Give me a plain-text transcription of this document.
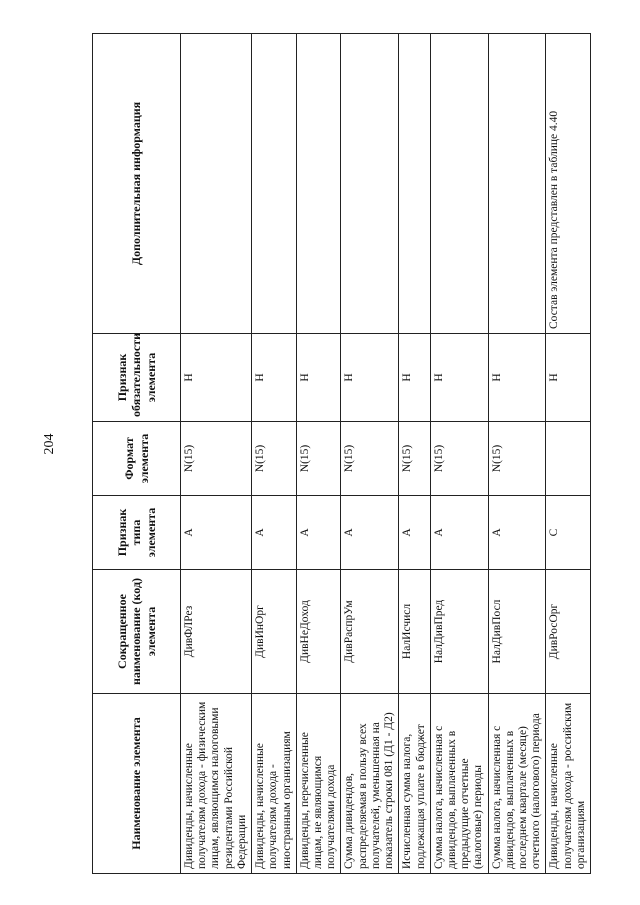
204
Наименование элемента	Сокращенное наименование (код) элемента	Признак типа элемента	Формат элемента	Признак обязательности элемента	Дополнительная информация
Дивиденды, начисленные получателям дохода - физическим лицам, являющимся налоговыми резидентами Российской Федерации	ДивФЛРез	А	N(15)	Н	
Дивиденды, начисленные получателям дохода - иностранным организациям	ДивИнОрг	А	N(15)	Н	
Дивиденды, перечисленные лицам, не являющимся получателями дохода	ДивНеДоход	А	N(15)	Н	
Сумма дивидендов, распределяемая в пользу всех получателей, уменьшенная на показатель строки 081 (Д1 - Д2)	ДивРаспрУм	А	N(15)	Н	
Исчисленная сумма налога, подлежащая уплате в бюджет	НалИсчисл	А	N(15)	Н	
Сумма налога, начисленная с дивидендов, выплаченных в предыдущие отчетные (налоговые) периоды	НалДивПред	А	N(15)	Н	
Сумма налога, начисленная с дивидендов, выплаченных в последнем квартале (месяце) отчетного (налогового) периода	НалДивПосл	А	N(15)	Н	
Дивиденды, начисленные получателям дохода - российским организациям	ДивРосОрг	С		Н	Состав элемента представлен в таблице 4.40
